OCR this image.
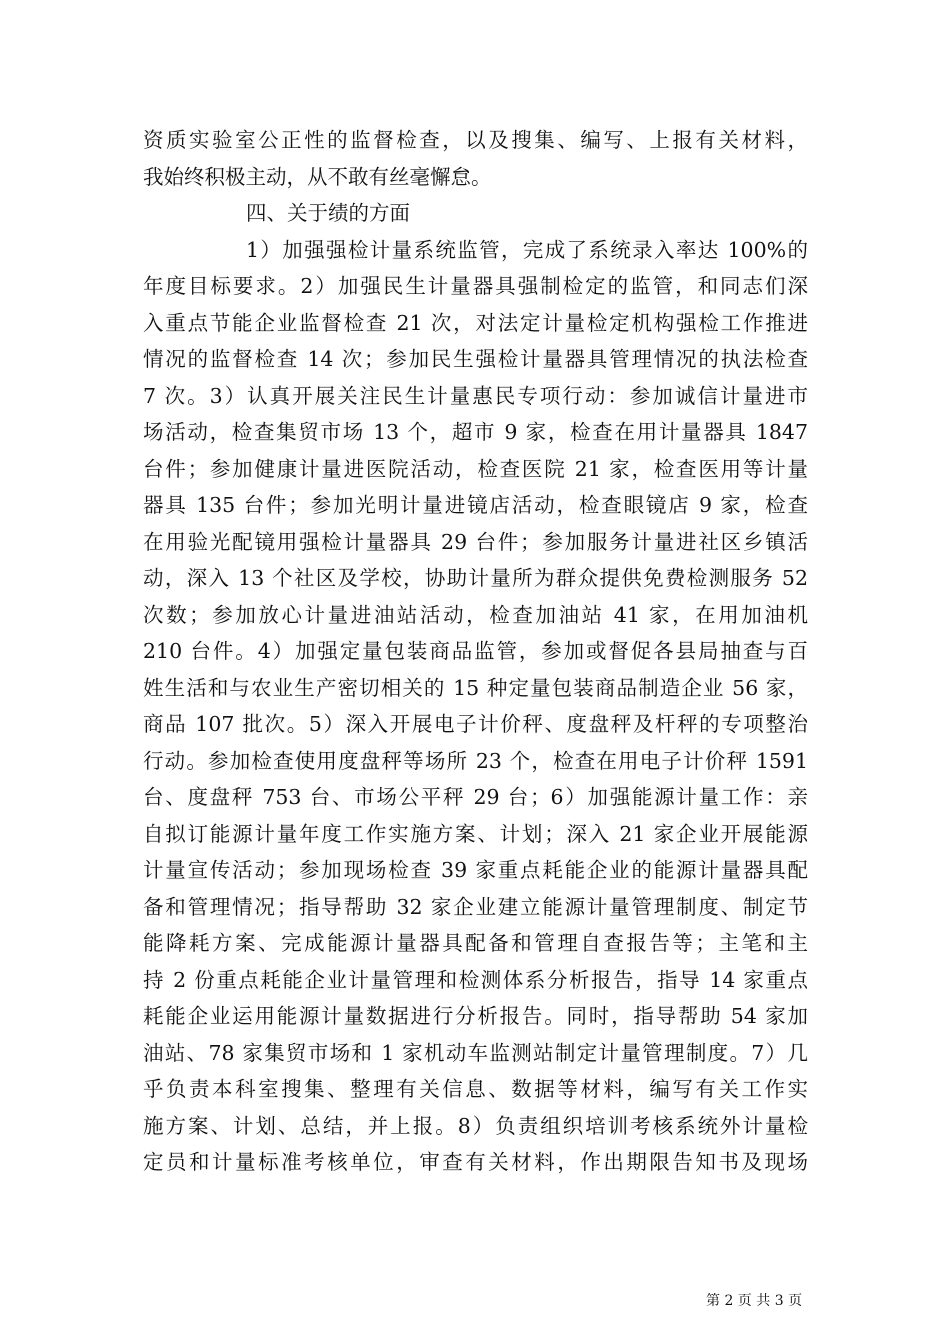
资质实验室公正性的监督检查，以及搜集、编写、上报有关材料，
我始终积极主动，从不敢有丝毫懈怠。
四、关于绩的方面
1）加强强检计量系统监管，完成了系统录入率达 100%的
年度目标要求。2）加强民生计量器具强制检定的监管，和同志们深
入重点节能企业监督检查 21 次，对法定计量检定机构强检工作推进
情况的监督检查 14 次；参加民生强检计量器具管理情况的执法检查
7 次。3）认真开展关注民生计量惠民专项行动：参加诚信计量进市
场活动，检查集贸市场 13 个，超市 9 家，检查在用计量器具 1847
台件；参加健康计量进医院活动，检查医院 21 家，检查医用等计量
器具 135 台件；参加光明计量进镜店活动，检查眼镜店 9 家，检查
在用验光配镜用强检计量器具 29 台件；参加服务计量进社区乡镇活
动，深入 13 个社区及学校，协助计量所为群众提供免费检测服务 52
次数；参加放心计量进油站活动，检查加油站 41 家，在用加油机
210 台件。4）加强定量包装商品监管，参加或督促各县局抽查与百
姓生活和与农业生产密切相关的 15 种定量包装商品制造企业 56 家，
商品 107 批次。5）深入开展电子计价秤、度盘秤及杆秤的专项整治
行动。参加检查使用度盘秤等场所 23 个，检查在用电子计价秤 1591
台、度盘秤 753 台、市场公平秤 29 台；6）加强能源计量工作：亲
自拟订能源计量年度工作实施方案、计划；深入 21 家企业开展能源
计量宣传活动；参加现场检查 39 家重点耗能企业的能源计量器具配
备和管理情况；指导帮助 32 家企业建立能源计量管理制度、制定节
能降耗方案、完成能源计量器具配备和管理自查报告等；主笔和主
持 2 份重点耗能企业计量管理和检测体系分析报告，指导 14 家重点
耗能企业运用能源计量数据进行分析报告。同时，指导帮助 54 家加
油站、78 家集贸市场和 1 家机动车监测站制定计量管理制度。7）几
乎负责本科室搜集、整理有关信息、数据等材料，编写有关工作实
施方案、计划、总结，并上报。8）负责组织培训考核系统外计量检
定员和计量标准考核单位，审查有关材料，作出期限告知书及现场
第 2 页 共 3 页
